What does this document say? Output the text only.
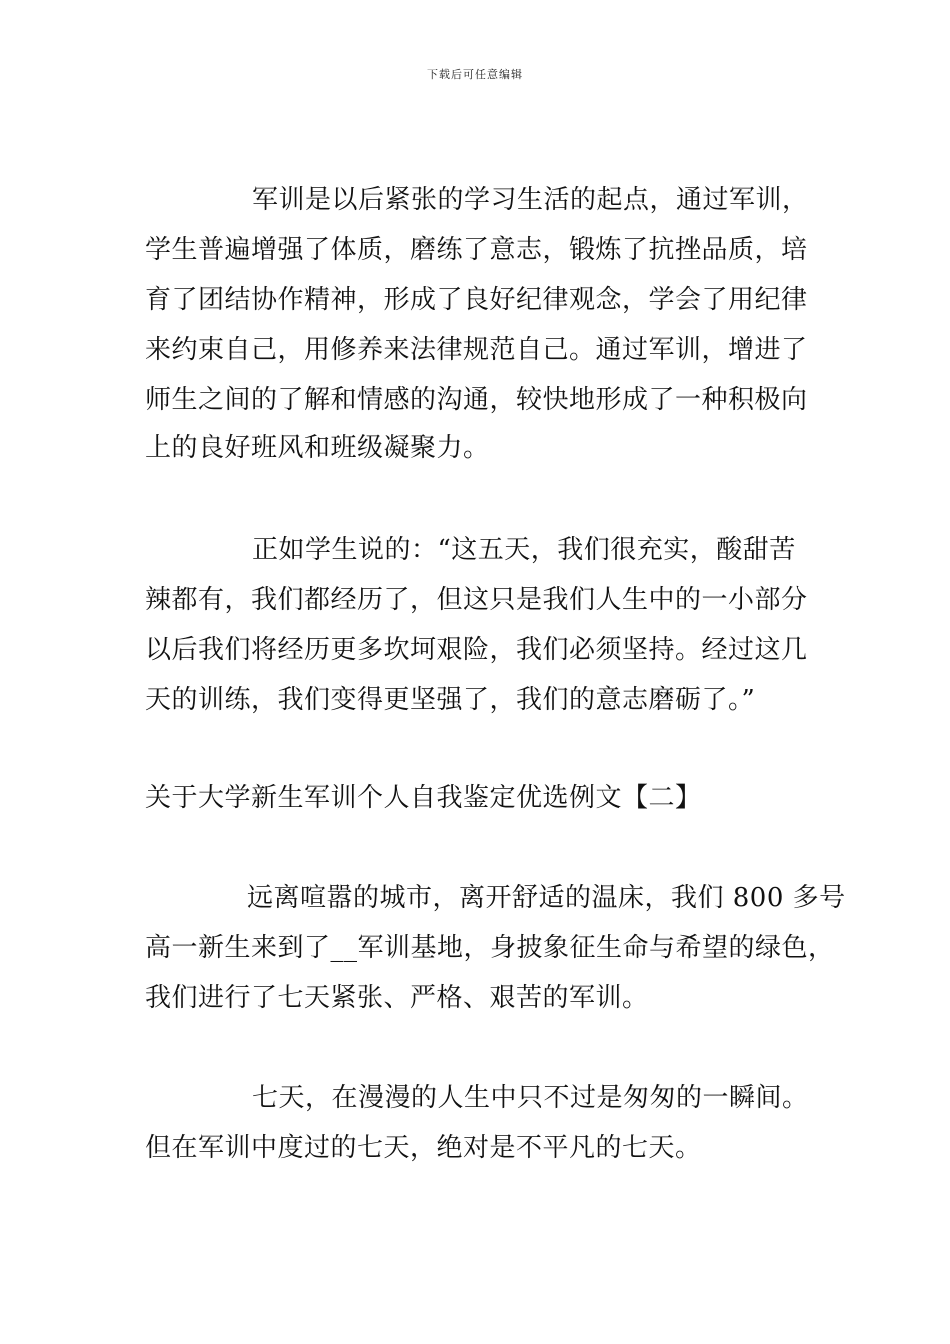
下载后可任意编辑
军训是以后紧张的学习生活的起点，通过军训，
学生普遍增强了体质，磨练了意志，锻炼了抗挫品质，培
育了团结协作精神，形成了良好纪律观念，学会了用纪律
来约束自己，用修养来法律规范自己。通过军训，增进了
师生之间的了解和情感的沟通，较快地形成了一种积极向
上的良好班风和班级凝聚力。
正如学生说的：“这五天，我们很充实，酸甜苦
辣都有，我们都经历了，但这只是我们人生中的一小部分
以后我们将经历更多坎坷艰险，我们必须坚持。经过这几
天的训练，我们变得更坚强了，我们的意志磨砺了。”
关于大学新生军训个人自我鉴定优选例文【二】
远离喧嚣的城市，离开舒适的温床，我们 800 多号
高一新生来到了__军训基地，身披象征生命与希望的绿色，
我们进行了七天紧张、严格、艰苦的军训。
七天，在漫漫的人生中只不过是匆匆的一瞬间。
但在军训中度过的七天，绝对是不平凡的七天。
